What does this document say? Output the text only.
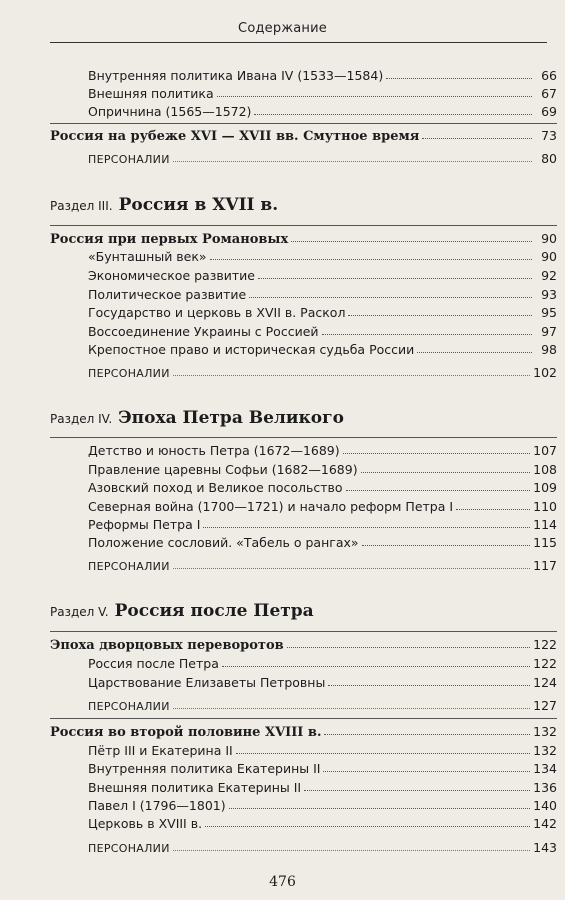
Содержание
Внутренняя политика Ивана IV (1533—1584)	66
Внешняя политика	67
Опричнина (1565—1572)	69
Россия на рубеже XVI — XVII вв. Смутное время	73
ПЕРСОНАЛИИ	80
Раздел III. Россия в XVII в.
Россия при первых Романовых	90
«Бунташный век»	90
Экономическое развитие	92
Политическое развитие	93
Государство и церковь в XVII в. Раскол	95
Воссоединение Украины с Россией	97
Крепостное право и историческая судьба России	98
ПЕРСОНАЛИИ	102
Раздел IV. Эпоха Петра Великого
Детство и юность Петра (1672—1689)	107
Правление царевны Софьи (1682—1689)	108
Азовский поход и Великое посольство	109
Северная война (1700—1721) и начало реформ Петра I	110
Реформы Петра I	114
Положение сословий. «Табель о рангах»	115
ПЕРСОНАЛИИ	117
Раздел V. Россия после Петра
Эпоха дворцовых переворотов	122
Россия после Петра	122
Царствование Елизаветы Петровны	124
ПЕРСОНАЛИИ	127
Россия во второй половине XVIII в.	132
Пётр III и Екатерина II	132
Внутренняя политика Екатерины II	134
Внешняя политика Екатерины II	136
Павел I (1796—1801)	140
Церковь в XVIII в.	142
ПЕРСОНАЛИИ	143
476
